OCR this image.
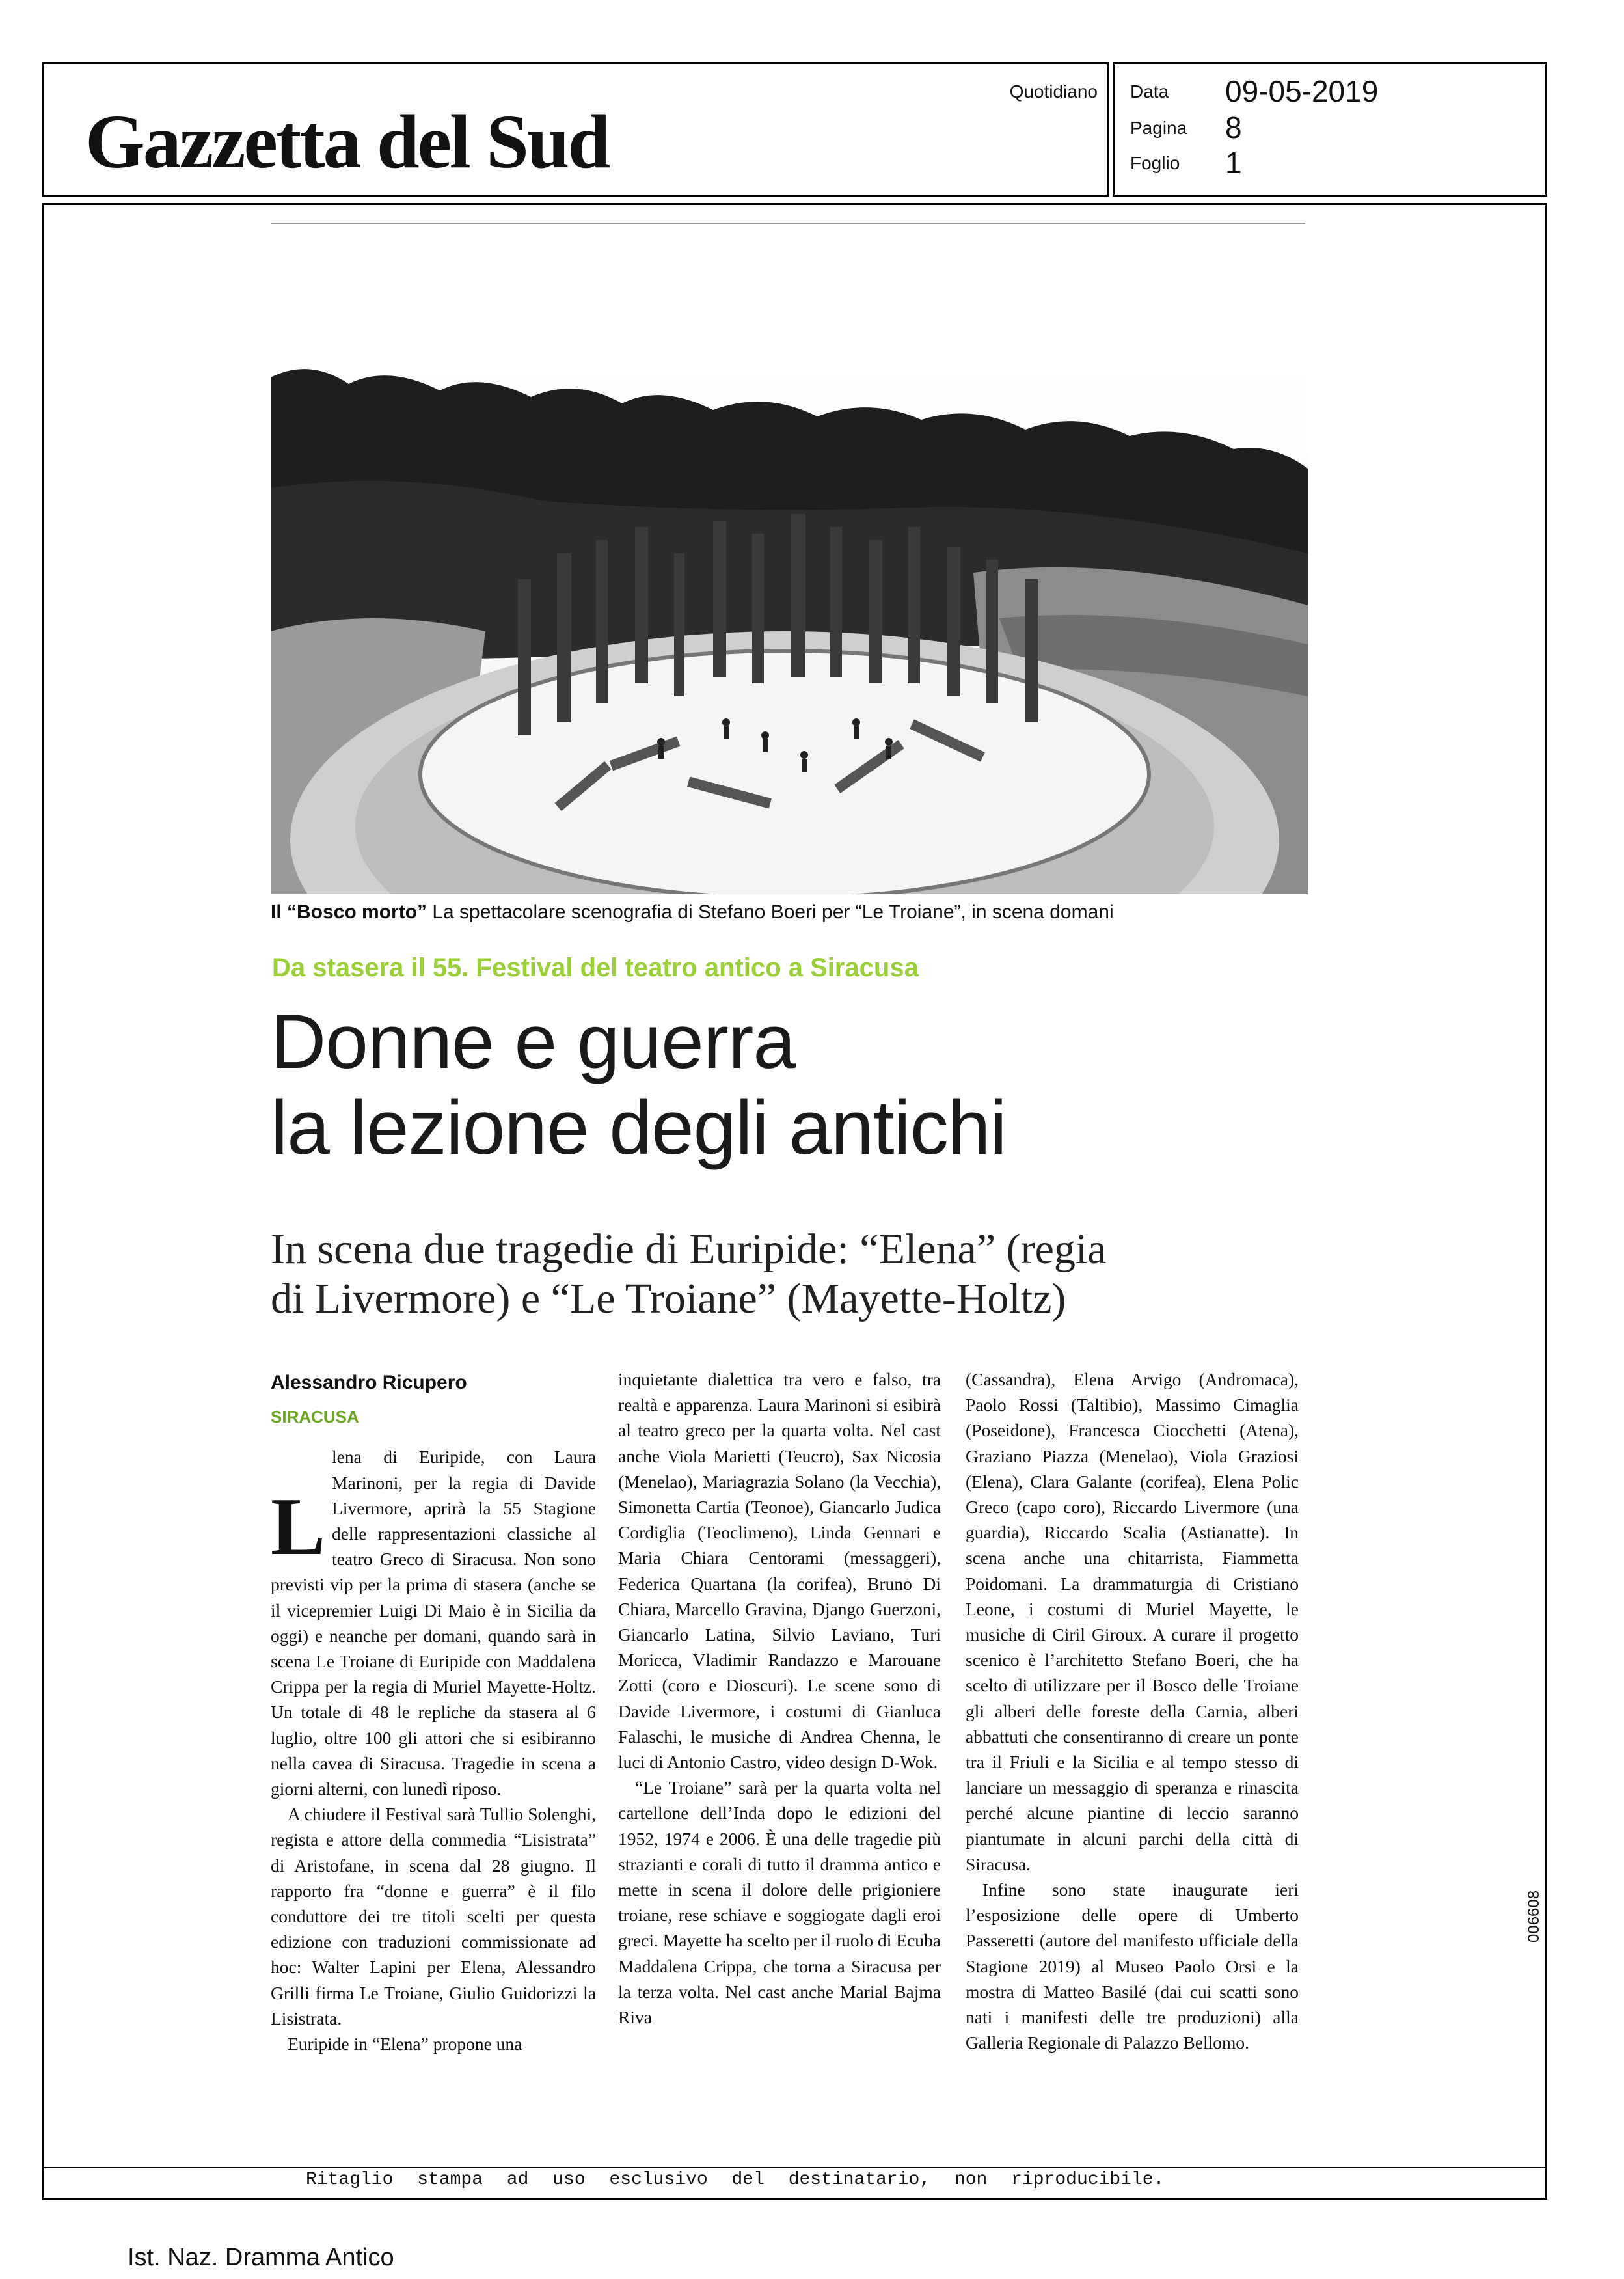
Gazzetta del Sud
Quotidiano Data 09-05-2019
Pagina 8
Foglio 1
Il “Bosco morto” La spettacolare scenografia di Stefano Boeri per “Le Troiane”, in scena domani
Da stasera il 55. Festival del teatro antico a Siracusa
Donne e guerra
la lezione degli antichi
In scena due tragedie di Euripide: “Elena” (regia
di Livermore) e “Le Troiane” (Mayette-Holtz)

Alessandro Ricupero

SIRACUSA

L
lena di Euripide, con Laura Marinoni, per la regia di Davide Livermore, aprirà la 55 Stagione delle rappresentazioni classiche al teatro Greco di Siracusa. Non sono previsti vip per la prima di stasera (anche se il vicepremier Luigi Di Maio è in Sicilia da oggi) e neanche per domani, quando sarà in scena Le Troiane di Euripide con Maddalena Crippa per la regia di Muriel Mayette-Holtz. Un totale di 48 le repliche da stasera al 6 luglio, oltre 100 gli attori che si esibiranno nella cavea di Siracusa. Tragedie in scena a giorni alterni, con lunedì riposo.

A chiudere il Festival sarà Tullio Solenghi, regista e attore della commedia “Lisistrata” di Aristofane, in scena dal 28 giugno. Il rapporto fra “donne e guerra” è il filo conduttore dei tre titoli scelti per questa edizione con traduzioni commissionate ad hoc: Walter Lapini per Elena, Alessandro Grilli firma Le Troiane, Giulio Guidorizzi la Lisistrata.

Euripide in “Elena” propone una

inquietante dialettica tra vero e falso, tra realtà e apparenza. Laura Marinoni si esibirà al teatro greco per la quarta volta. Nel cast anche Viola Marietti (Teucro), Sax Nicosia (Menelao), Mariagrazia Solano (la Vecchia), Simonetta Cartia (Teonoe), Giancarlo Judica Cordiglia (Teoclimeno), Linda Gennari e Maria Chiara Centorami (messaggeri), Federica Quartana (la corifea), Bruno Di Chiara, Marcello Gravina, Django Guerzoni, Giancarlo Latina, Silvio Laviano, Turi Moricca, Vladimir Randazzo e Marouane Zotti (coro e Dioscuri). Le scene sono di Davide Livermore, i costumi di Gianluca Falaschi, le musiche di Andrea Chenna, le luci di Antonio Castro, video design D-Wok.

“Le Troiane” sarà per la quarta volta nel cartellone dell’Inda dopo le edizioni del 1952, 1974 e 2006. È una delle tragedie più strazianti e corali di tutto il dramma antico e mette in scena il dolore delle prigioniere troiane, rese schiave e soggiogate dagli eroi greci. Mayette ha scelto per il ruolo di Ecuba Maddalena Crippa, che torna a Siracusa per la terza volta. Nel cast anche Marial Bajma Riva

(Cassandra), Elena Arvigo (Andromaca), Paolo Rossi (Taltibio), Massimo Cimaglia (Poseidone), Francesca Ciocchetti (Atena), Graziano Piazza (Menelao), Viola Graziosi (Elena), Clara Galante (corifea), Elena Polic Greco (capo coro), Riccardo Livermore (una guardia), Riccardo Scalia (Astianatte). In scena anche una chitarrista, Fiammetta Poidomani. La drammaturgia di Cristiano Leone, i costumi di Muriel Mayette, le musiche di Ciril Giroux. A curare il progetto scenico è l’architetto Stefano Boeri, che ha scelto di utilizzare per il Bosco delle Troiane gli alberi delle foreste della Carnia, alberi abbattuti che consentiranno di creare un ponte tra il Friuli e la Sicilia e al tempo stesso di lanciare un messaggio di speranza e rinascita perché alcune piantine di leccio saranno piantumate in alcuni parchi della città di Siracusa.

Infine sono state inaugurate ieri l’esposizione delle opere di Umberto Passeretti (autore del manifesto ufficiale della Stagione 2019) al Museo Paolo Orsi e la mostra di Matteo Basilé (dai cui scatti sono nati i manifesti delle tre produzioni) alla Galleria Regionale di Palazzo Bellomo.

Ritaglio stampa ad uso esclusivo del destinatario, non riproducibile.
006608
Ist. Naz. Dramma Antico
